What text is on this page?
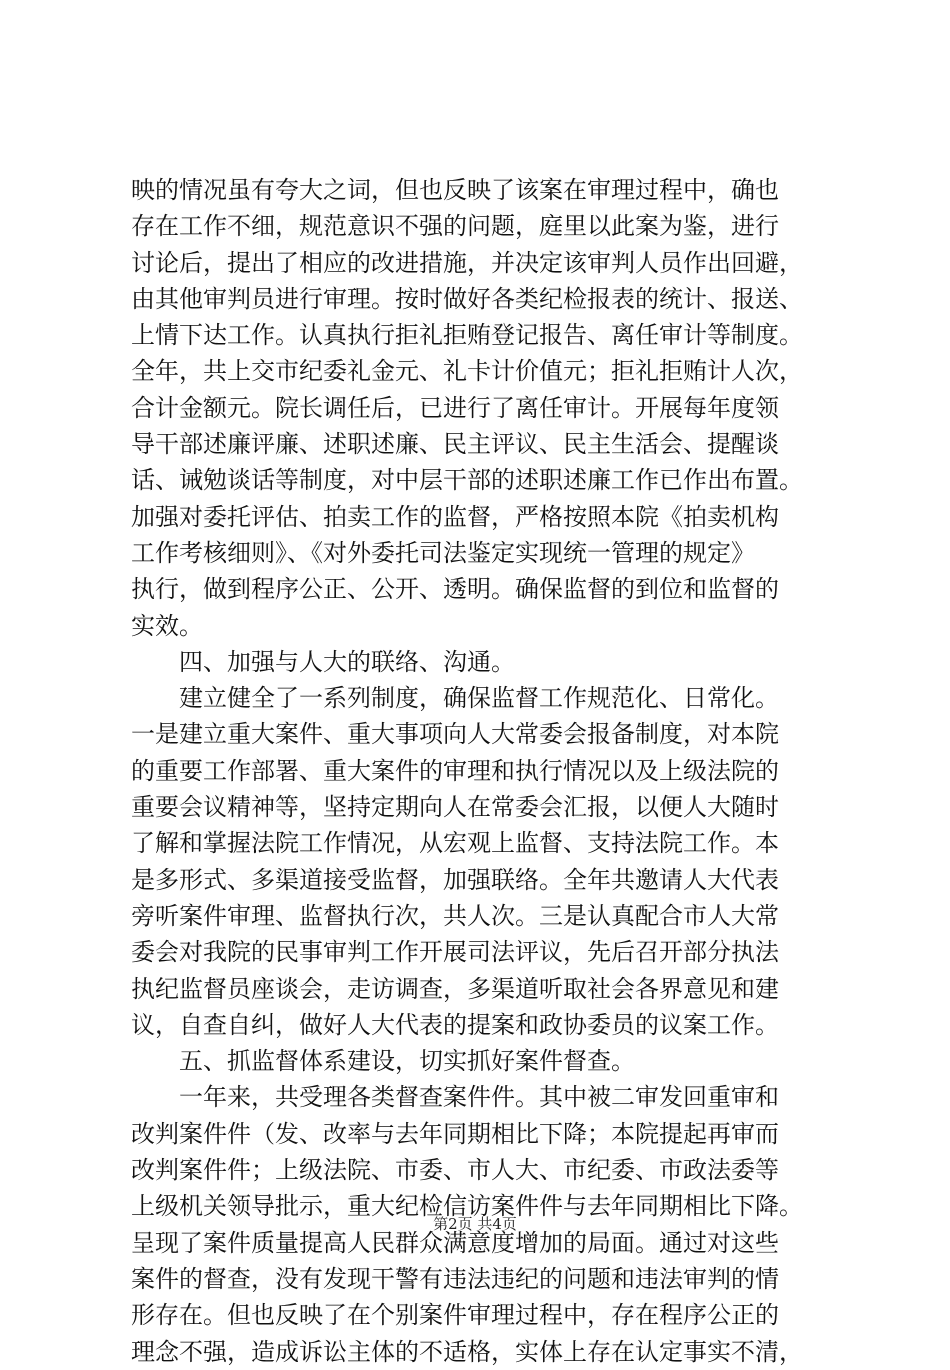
映的情况虽有夸大之词，但也反映了该案在审理过程中，确也
存在工作不细，规范意识不强的问题，庭里以此案为鉴，进行
讨论后，提出了相应的改进措施，并决定该审判人员作出回避，
由其他审判员进行审理。按时做好各类纪检报表的统计、报送、
上情下达工作。认真执行拒礼拒贿登记报告、离任审计等制度。
全年，共上交市纪委礼金元、礼卡计价值元；拒礼拒贿计人次，
合计金额元。院长调任后，已进行了离任审计。开展每年度领
导干部述廉评廉、述职述廉、民主评议、民主生活会、提醒谈
话、诫勉谈话等制度，对中层干部的述职述廉工作已作出布置。
加强对委托评估、拍卖工作的监督，严格按照本院《拍卖机构
工作考核细则》、《对外委托司法鉴定实现统一管理的规定》
执行，做到程序公正、公开、透明。确保监督的到位和监督的
实效。
　　四、加强与人大的联络、沟通。
　　建立健全了一系列制度，确保监督工作规范化、日常化。
一是建立重大案件、重大事项向人大常委会报备制度，对本院
的重要工作部署、重大案件的审理和执行情况以及上级法院的
重要会议精神等，坚持定期向人在常委会汇报，以便人大随时
了解和掌握法院工作情况，从宏观上监督、支持法院工作。本
是多形式、多渠道接受监督，加强联络。全年共邀请人大代表
旁听案件审理、监督执行次，共人次。三是认真配合市人大常
委会对我院的民事审判工作开展司法评议，先后召开部分执法
执纪监督员座谈会，走访调查，多渠道听取社会各界意见和建
议，自查自纠，做好人大代表的提案和政协委员的议案工作。
　　五、抓监督体系建设，切实抓好案件督查。
　　一年来，共受理各类督查案件件。其中被二审发回重审和
改判案件件（发、改率与去年同期相比下降；本院提起再审而
改判案件件；上级法院、市委、市人大、市纪委、市政法委等
上级机关领导批示，重大纪检信访案件件与去年同期相比下降。
呈现了案件质量提高人民群众满意度增加的局面。通过对这些
案件的督查，没有发现干警有违法违纪的问题和违法审判的情
形存在。但也反映了在个别案件审理过程中，存在程序公正的
理念不强，造成诉讼主体的不适格，实体上存在认定事实不清，
第2页 共4页
